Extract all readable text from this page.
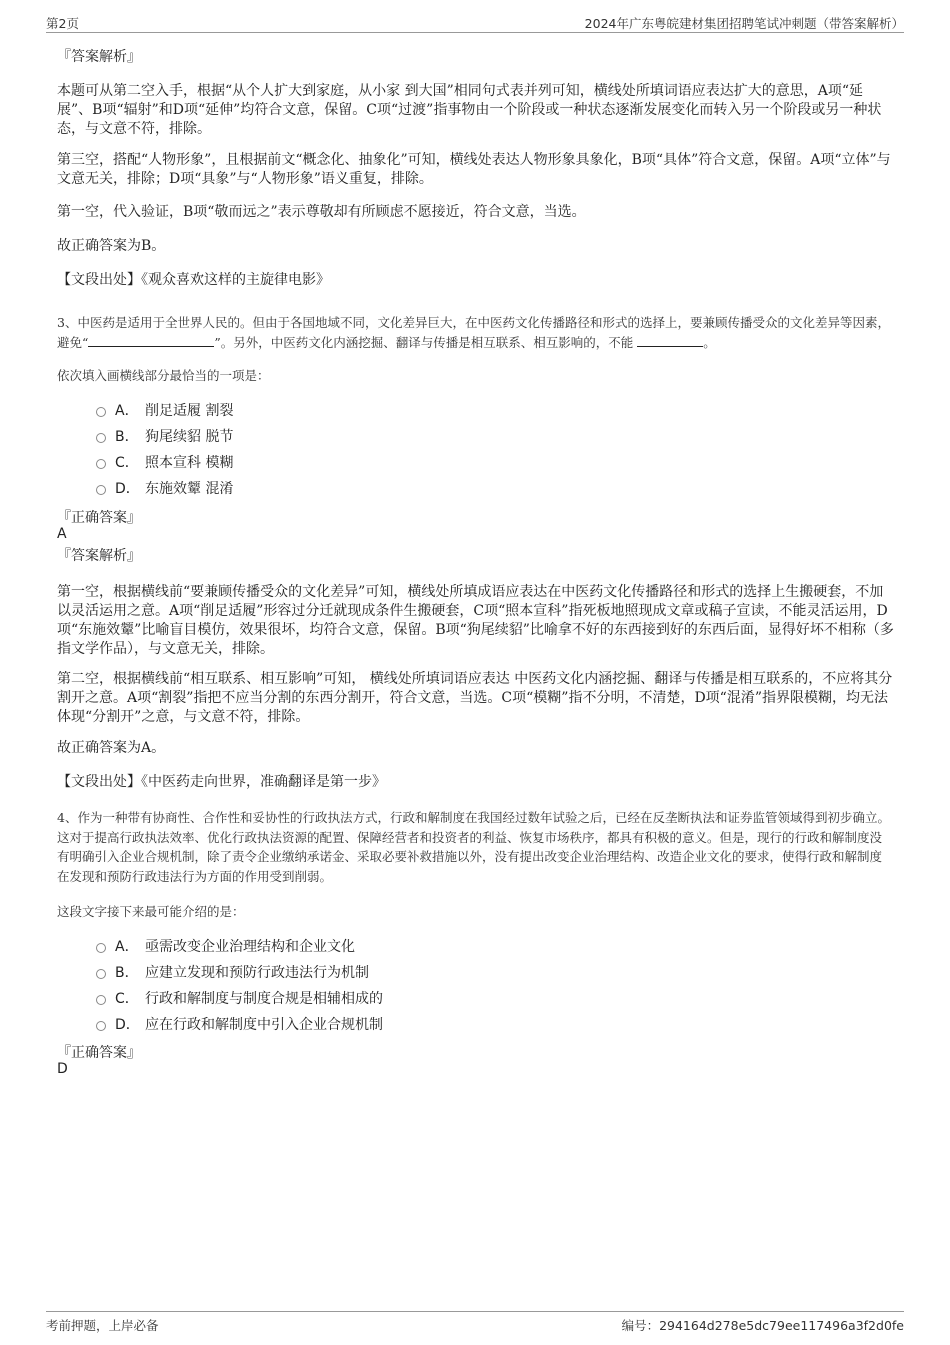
第2页	2024年广东粤皖建材集团招聘笔试冲刺题（带答案解析）
『答案解析』
本题可从第二空入手，根据“从个人扩大到家庭，从小家 到大国”相同句式表并列可知，横线处所填词语应表达扩大的意思，A项“延展”、B项“辐射”和D项“延伸”均符合文意，保留。C项“过渡”指事物由一个阶段或一种状态逐渐发展变化而转入另一个阶段或另一种状态，与文意不符，排除。
第三空，搭配“人物形象”，且根据前文“概念化、抽象化”可知，横线处表达人物形象具象化，B项“具体”符合文意，保留。A项“立体”与文意无关，排除；D项“具象”与“人物形象”语义重复，排除。
第一空，代入验证，B项“敬而远之”表示尊敬却有所顾虑不愿接近，符合文意，当选。
故正确答案为B。
【文段出处】《观众喜欢这样的主旋律电影》
3、中医药是适用于全世界人民的。但由于各国地域不同，文化差异巨大，在中医药文化传播路径和形式的选择上，要兼顾传播受众的文化差异等因素，避免“	”。另外，中医药文化内涵挖掘、翻译与传播是相互联系、相互影响的，不能	。
依次填入画横线部分最恰当的一项是：
A． 削足适履 割裂
B． 狗尾续貂 脱节
C． 照本宣科 模糊
D． 东施效颦 混淆
『正确答案』
A
『答案解析』
第一空，根据横线前“要兼顾传播受众的文化差异”可知，横线处所填成语应表达在中医药文化传播路径和形式的选择上生搬硬套，不加以灵活运用之意。A项“削足适履”形容过分迁就现成条件生搬硬套，C项“照本宣科”指死板地照现成文章或稿子宣读，不能灵活运用，D项“东施效颦”比喻盲目模仿，效果很坏，均符合文意，保留。B项“狗尾续貂”比喻拿不好的东西接到好的东西后面，显得好坏不相称（多指文学作品），与文意无关，排除。
第二空，根据横线前“相互联系、相互影响”可知， 横线处所填词语应表达 中医药文化内涵挖掘、翻译与传播是相互联系的，不应将其分割开之意。A项“割裂”指把不应当分割的东西分割开，符合文意，当选。C项“模糊”指不分明，不清楚，D项“混淆”指界限模糊，均无法体现“分割开”之意，与文意不符，排除。
故正确答案为A。
【文段出处】《中医药走向世界，准确翻译是第一步》
4、作为一种带有协商性、合作性和妥协性的行政执法方式，行政和解制度在我国经过数年试验之后，已经在反垄断执法和证券监管领域得到初步确立。这对于提高行政执法效率、优化行政执法资源的配置、保障经营者和投资者的利益、恢复市场秩序，都具有积极的意义。但是，现行的行政和解制度没有明确引入企业合规机制，除了责令企业缴纳承诺金、采取必要补救措施以外，没有提出改变企业治理结构、改造企业文化的要求，使得行政和解制度在发现和预防行政违法行为方面的作用受到削弱。
这段文字接下来最可能介绍的是：
A． 亟需改变企业治理结构和企业文化
B． 应建立发现和预防行政违法行为机制
C． 行政和解制度与制度合规是相辅相成的
D． 应在行政和解制度中引入企业合规机制
『正确答案』
D
考前押题，上岸必备	编号：294164d278e5dc79ee117496a3f2d0fe
